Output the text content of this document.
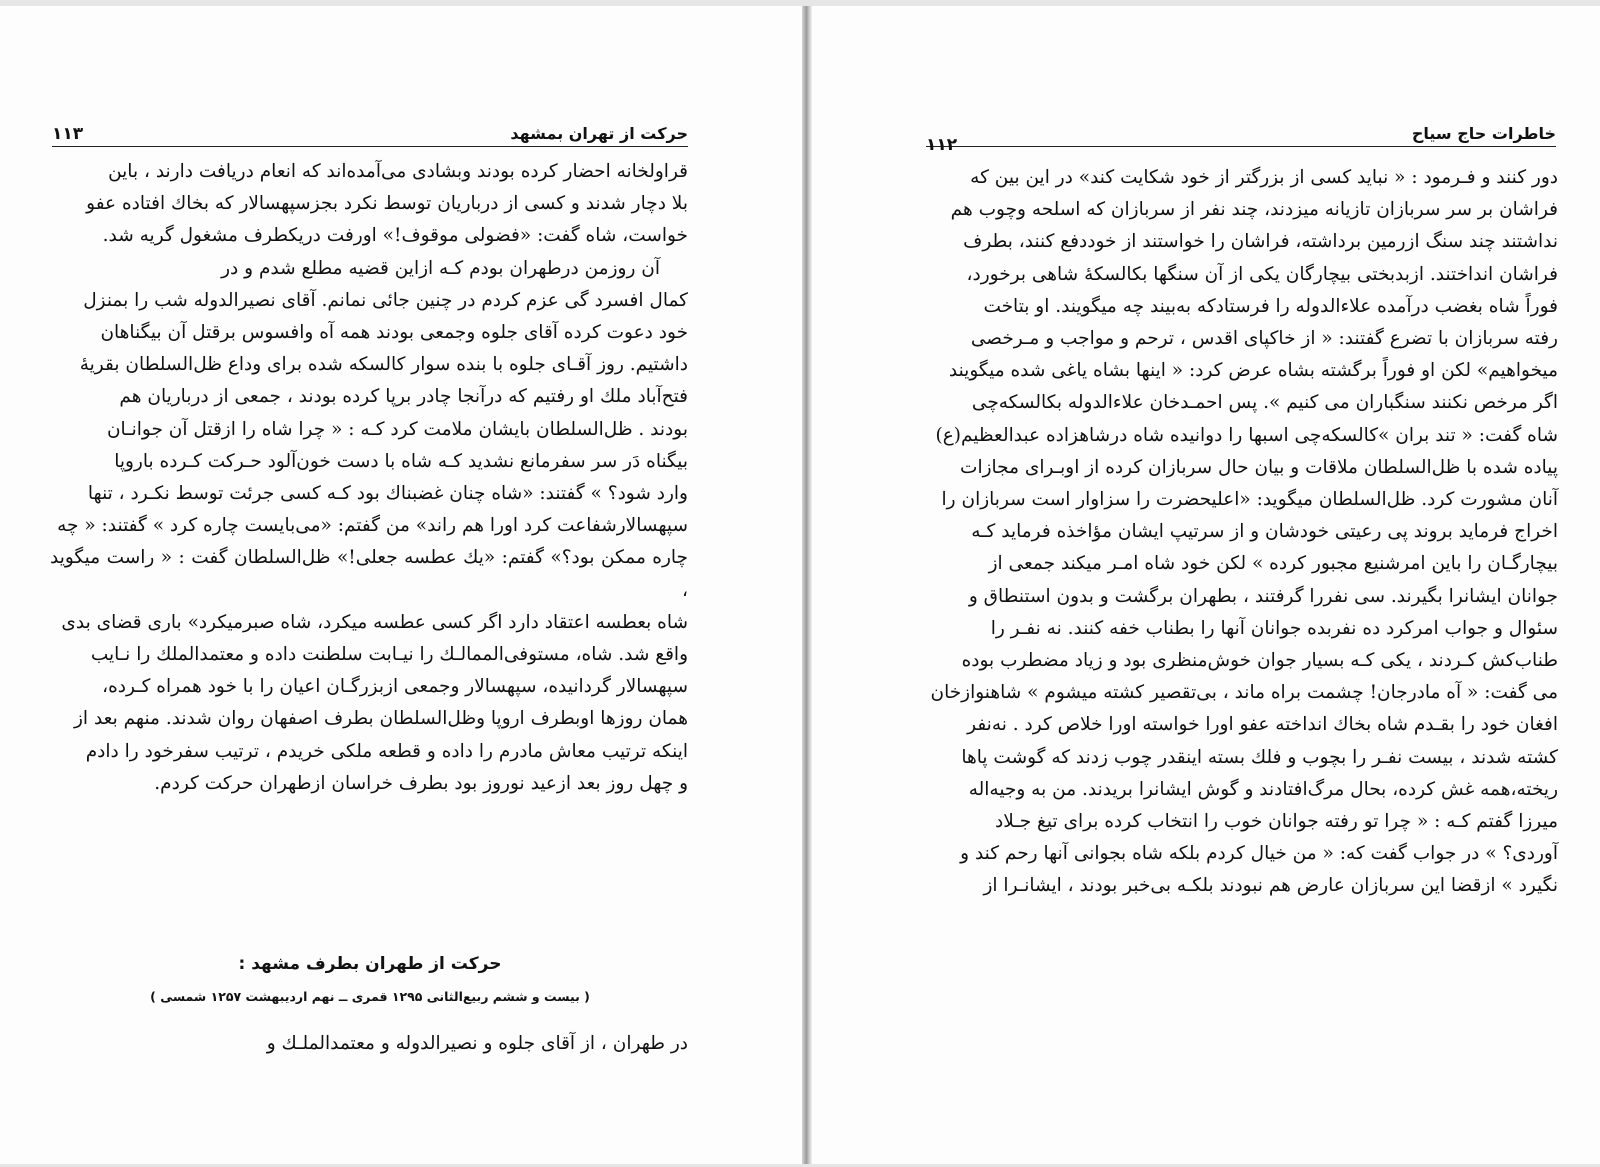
حرکت از تهران بمشهد
۱۱۳

قراولخانه احضار کرده بودند وبشادی می‌آمده‌اند که انعام دریافت دارند ، باین

بلا دچار شدند و کسی از درباریان توسط نکرد بجزسپهسالار که بخاك افتاده عفو

خواست، شاه گفت: «فضولی موقوف!» اورفت دریکطرف مشغول گریه شد.

آن روزمن درطهران بودم کـه ازاین قضیه مطلع شدم و در

کمال افسرد گی عزم کردم در چنین جائی نمانم. آقای نصیرالدوله شب را بمنزل

خود دعوت کرده آقای جلوه وجمعی بودند همه آه وافسوس برقتل آن بیگناهان

داشتیم. روز آقـای جلوه با بنده سوار کالسکه شده برای وداع ظل‌السلطان بقریهٔ

فتح‌آباد ملك او رفتیم که درآنجا چادر برپا کرده بودند ، جمعی از درباریان هم

بودند . ظل‌السلطان بایشان ملامت کرد کـه : « چرا شاه را ازقتل آن جوانـان

بیگناه دَر سر سفرمانع نشدید کـه شاه با دست خون‌آلود حـرکت کـرده باروپا

وارد شود؟ » گفتند: «شاه چنان غضبناك بود کـه کسی جرئت توسط نکـرد ، تنها

سپهسالارشفاعت کرد اورا هم راند» من گفتم: «می‌بایست چاره کرد » گفتند: « چه

چاره ممکن بود؟» گفتم: «یك عطسه جعلی!» ظل‌السلطان گفت : « راست میگوید ،

شاه بعطسه اعتقاد دارد اگر کسی عطسه میکرد، شاه صبرمیکرد» باری قضای بدی

واقع شد. شاه، مستوفی‌الممالـك را نیـابت سلطنت داده و معتمدالملك را نـایب

سپهسالار گردانیده، سپهسالار وجمعی ازبزرگـان اعیان را با خود همراه کـرده،

همان روزها اوبطرف اروپا وظل‌السلطان بطرف اصفهان روان شدند. منهم بعد از

اینکه ترتیب معاش مادرم را داده و قطعه ملکی خریدم ، ترتیب سفرخود را دادم

و چهل روز بعد ازعید نوروز بود بطرف خراسان ازطهران حرکت کردم.

حرکت از طهران بطرف مشهد :
( بیست و ششم ربیع‌الثانی ۱۲۹۵ قمری ــ نهم اردیبهشت ۱۲۵۷ شمسی )
در طهران ، از آقای جلوه و نصیرالدوله و معتمدالملـك و
خاطرات حاج سیاح
۱۱۲

دور کنند و فـرمود : « نباید کسی از بزرگتر از خود شکایت کند» در این بین که

فراشان بر سر سربازان تازیانه میزدند، چند نفر از سربازان که اسلحه وچوب هم

نداشتند چند سنگ ازرمین برداشته، فراشان را خواستند از خوددفع کنند، بطرف

فراشان انداختند. ازبدبختی بیچارگان یکی از آن سنگها بکالسکهٔ شاهی برخورد،

فوراً شاه بغضب درآمده علاءالدوله را فرستادکه به‌بیند چه میگویند. او بتاخت

رفته سربازان با تضرع گفتند: « از خاکپای اقدس ، ترحم و مواجب و مـرخصی

میخواهیم» لکن او فوراً برگشته بشاه عرض کرد: « اینها بشاه یاغی شده میگویند

اگر مرخص نکنند سنگباران می کنیم ». پس احمـدخان علاءالدوله بکالسکه‌چی

شاه گفت: « تند بران »کالسکه‌چی اسبها را دوانیده شاه درشاهزاده عبدالعظیم(ع)

پیاده شده با ظل‌السلطان ملاقات و بیان حال سربازان کرده از اوبـرای مجازات

آنان مشورت کرد. ظل‌السلطان میگوید: «اعلیحضرت را سزاوار است سربازان را

اخراج فرماید بروند پی رعیتی خودشان و از سرتیپ ایشان مؤاخذه فرماید کـه

بیچارگـان را باین امرشنیع مجبور کرده » لکن خود شاه امـر میکند جمعی از

جوانان ایشانرا بگیرند. سی نفررا گرفتند ، بطهران برگشت و بدون استنطاق و

سئوال و جواب امرکرد ده نفربده جوانان آنها را بطناب خفه کنند. نه نفـر را

طناب‌کش کـردند ، یکی کـه بسیار جوان خوش‌منظری بود و زیاد مضطرب بوده

می گفت: « آه مادرجان! چشمت براه ماند ، بی‌تقصیر کشته میشوم » شاهنوازخان

افغان خود را بقـدم شاه بخاك انداخته عفو اورا خواسته اورا خلاص کرد . نه‌نفر

کشته شدند ، بیست نفـر را بچوب و فلك بسته اینقدر چوب زدند که گوشت پاها

ریخته،همه غش کرده، بحال مرگ‌افتادند و گوش ایشانرا بریدند. من به وجیه‌اله

میرزا گفتم کـه : « چرا تو رفته جوانان خوب را انتخاب کرده برای تیغ جـلاد

آوردی؟ » در جواب گفت که: « من خیال کردم بلکه شاه بجوانی آنها رحم کند و

نگیرد » ازقضا این سربازان عارض هم نبودند بلکـه بی‌خبر بودند ، ایشانـرا از
